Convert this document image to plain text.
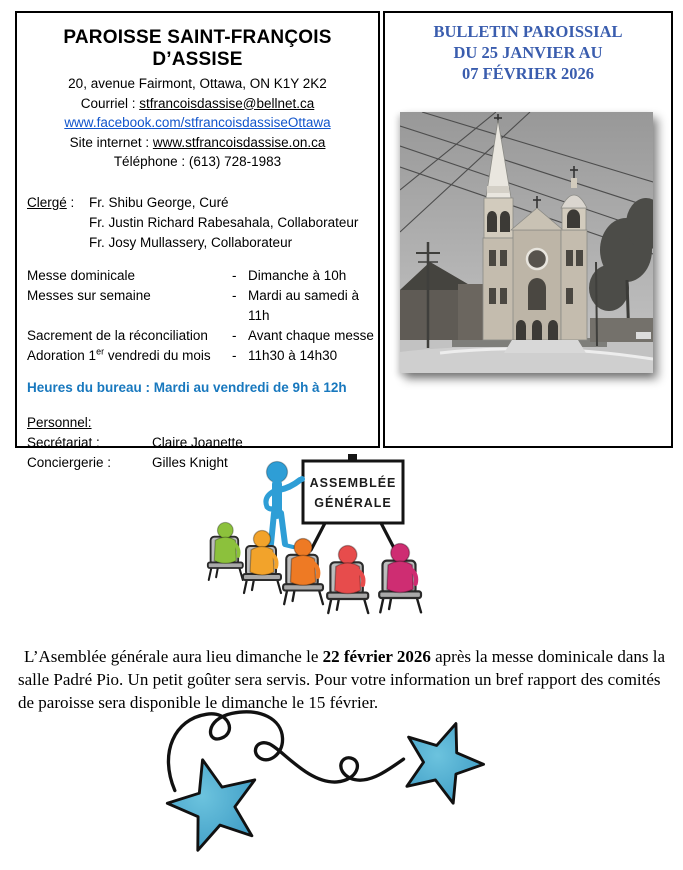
PAROISSE SAINT-FRANÇOIS D’ASSISE
20, avenue Fairmont, Ottawa, ON K1Y 2K2
Courriel : stfrancoisdassise@bellnet.ca
www.facebook.com/stfrancoisdassiseOttawa
Site internet : www.stfrancoisdassise.on.ca
Téléphone : (613) 728-1983
Clergé :	Fr. Shibu George, Curé
Fr. Justin Richard Rabesahala, Collaborateur
Fr. Josy Mullassery, Collaborateur
Messe dominicale	- Dimanche à 10h
Messes sur semaine	- Mardi au samedi à 11h
Sacrement de la réconciliation	- Avant chaque messe
Adoration 1er vendredi du mois	- 11h30 à 14h30
Heures du bureau : Mardi au vendredi de 9h à 12h
Personnel:
Secrétariat :	Claire Joanette
Conciergerie :	Gilles Knight
BULLETIN PAROISSIAL
DU 25 JANVIER AU
07 FÉVRIER 2026
ASSEMBLÉE
GÉNÉRALE

L’Asemblée générale aura lieu dimanche le 22 février 2026 après la messe dominicale dans la salle Padré Pio. Un petit goûter sera servis. Pour votre information un bref rapport des comités de paroisse sera disponible le dimanche le 15 février.
